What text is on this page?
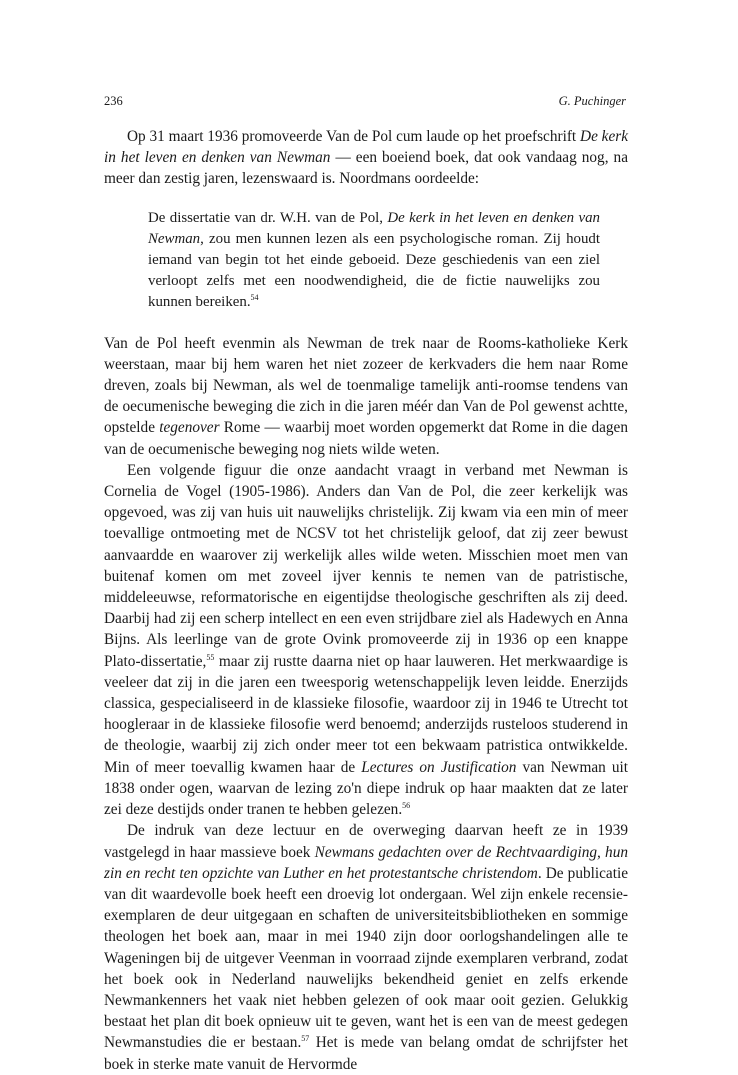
236	G. Puchinger

Op 31 maart 1936 promoveerde Van de Pol cum laude op het proefschrift De kerk in het leven en denken van Newman — een boeiend boek, dat ook vandaag nog, na meer dan zestig jaren, lezenswaard is. Noordmans oordeelde:

De dissertatie van dr. W.H. van de Pol, De kerk in het leven en denken van Newman, zou men kunnen lezen als een psychologische roman. Zij houdt iemand van begin tot het einde geboeid. Deze geschiedenis van een ziel verloopt zelfs met een noodwendigheid, die de fictie nauwelijks zou kunnen bereiken.$^{54}$

Van de Pol heeft evenmin als Newman de trek naar de Rooms-katholieke Kerk weerstaan, maar bij hem waren het niet zozeer de kerkvaders die hem naar Rome dreven, zoals bij Newman, als wel de toenmalige tamelijk anti-roomse tendens van de oecumenische beweging die zich in die jaren méér dan Van de Pol gewenst achtte, opstelde tegenover Rome — waarbij moet worden opgemerkt dat Rome in die dagen van de oecumenische beweging nog niets wilde weten.

Een volgende figuur die onze aandacht vraagt in verband met Newman is Cornelia de Vogel (1905-1986). Anders dan Van de Pol, die zeer kerkelijk was opgevoed, was zij van huis uit nauwelijks christelijk. Zij kwam via een min of meer toevallige ontmoeting met de NCSV tot het christelijk geloof, dat zij zeer bewust aanvaardde en waarover zij werkelijk alles wilde weten. Misschien moet men van buitenaf komen om met zoveel ijver kennis te nemen van de patristische, middeleeuwse, reformatorische en eigentijdse theologische geschriften als zij deed. Daarbij had zij een scherp intellect en een even strijdbare ziel als Hadewych en Anna Bijns. Als leerlinge van de grote Ovink promoveerde zij in 1936 op een knappe Plato-dissertatie,$^{55}$ maar zij rustte daarna niet op haar lauweren. Het merkwaardige is veeleer dat zij in die jaren een tweesporig wetenschappelijk leven leidde. Enerzijds classica, gespecialiseerd in de klassieke filosofie, waardoor zij in 1946 te Utrecht tot hoogleraar in de klassieke filosofie werd benoemd; anderzijds rusteloos studerend in de theologie, waarbij zij zich onder meer tot een bekwaam patristica ontwikkelde. Min of meer toevallig kwamen haar de Lectures on Justification van Newman uit 1838 onder ogen, waarvan de lezing zo'n diepe indruk op haar maakten dat ze later zei deze destijds onder tranen te hebben gelezen.$^{56}$

De indruk van deze lectuur en de overweging daarvan heeft ze in 1939 vastgelegd in haar massieve boek Newmans gedachten over de Rechtvaardiging, hun zin en recht ten opzichte van Luther en het protestantsche christendom. De publicatie van dit waardevolle boek heeft een droevig lot ondergaan. Wel zijn enkele recensie-exemplaren de deur uitgegaan en schaften de universiteitsbibliotheken en sommige theologen het boek aan, maar in mei 1940 zijn door oorlogshandelingen alle te Wageningen bij de uitgever Veenman in voorraad zijnde exemplaren verbrand, zodat het boek ook in Nederland nauwelijks bekendheid geniet en zelfs erkende Newmankenners het vaak niet hebben gelezen of ook maar ooit gezien. Gelukkig bestaat het plan dit boek opnieuw uit te geven, want het is een van de meest gedegen Newmanstudies die er bestaan.$^{57}$ Het is mede van belang omdat de schrijfster het boek in sterke mate vanuit de Hervormde
